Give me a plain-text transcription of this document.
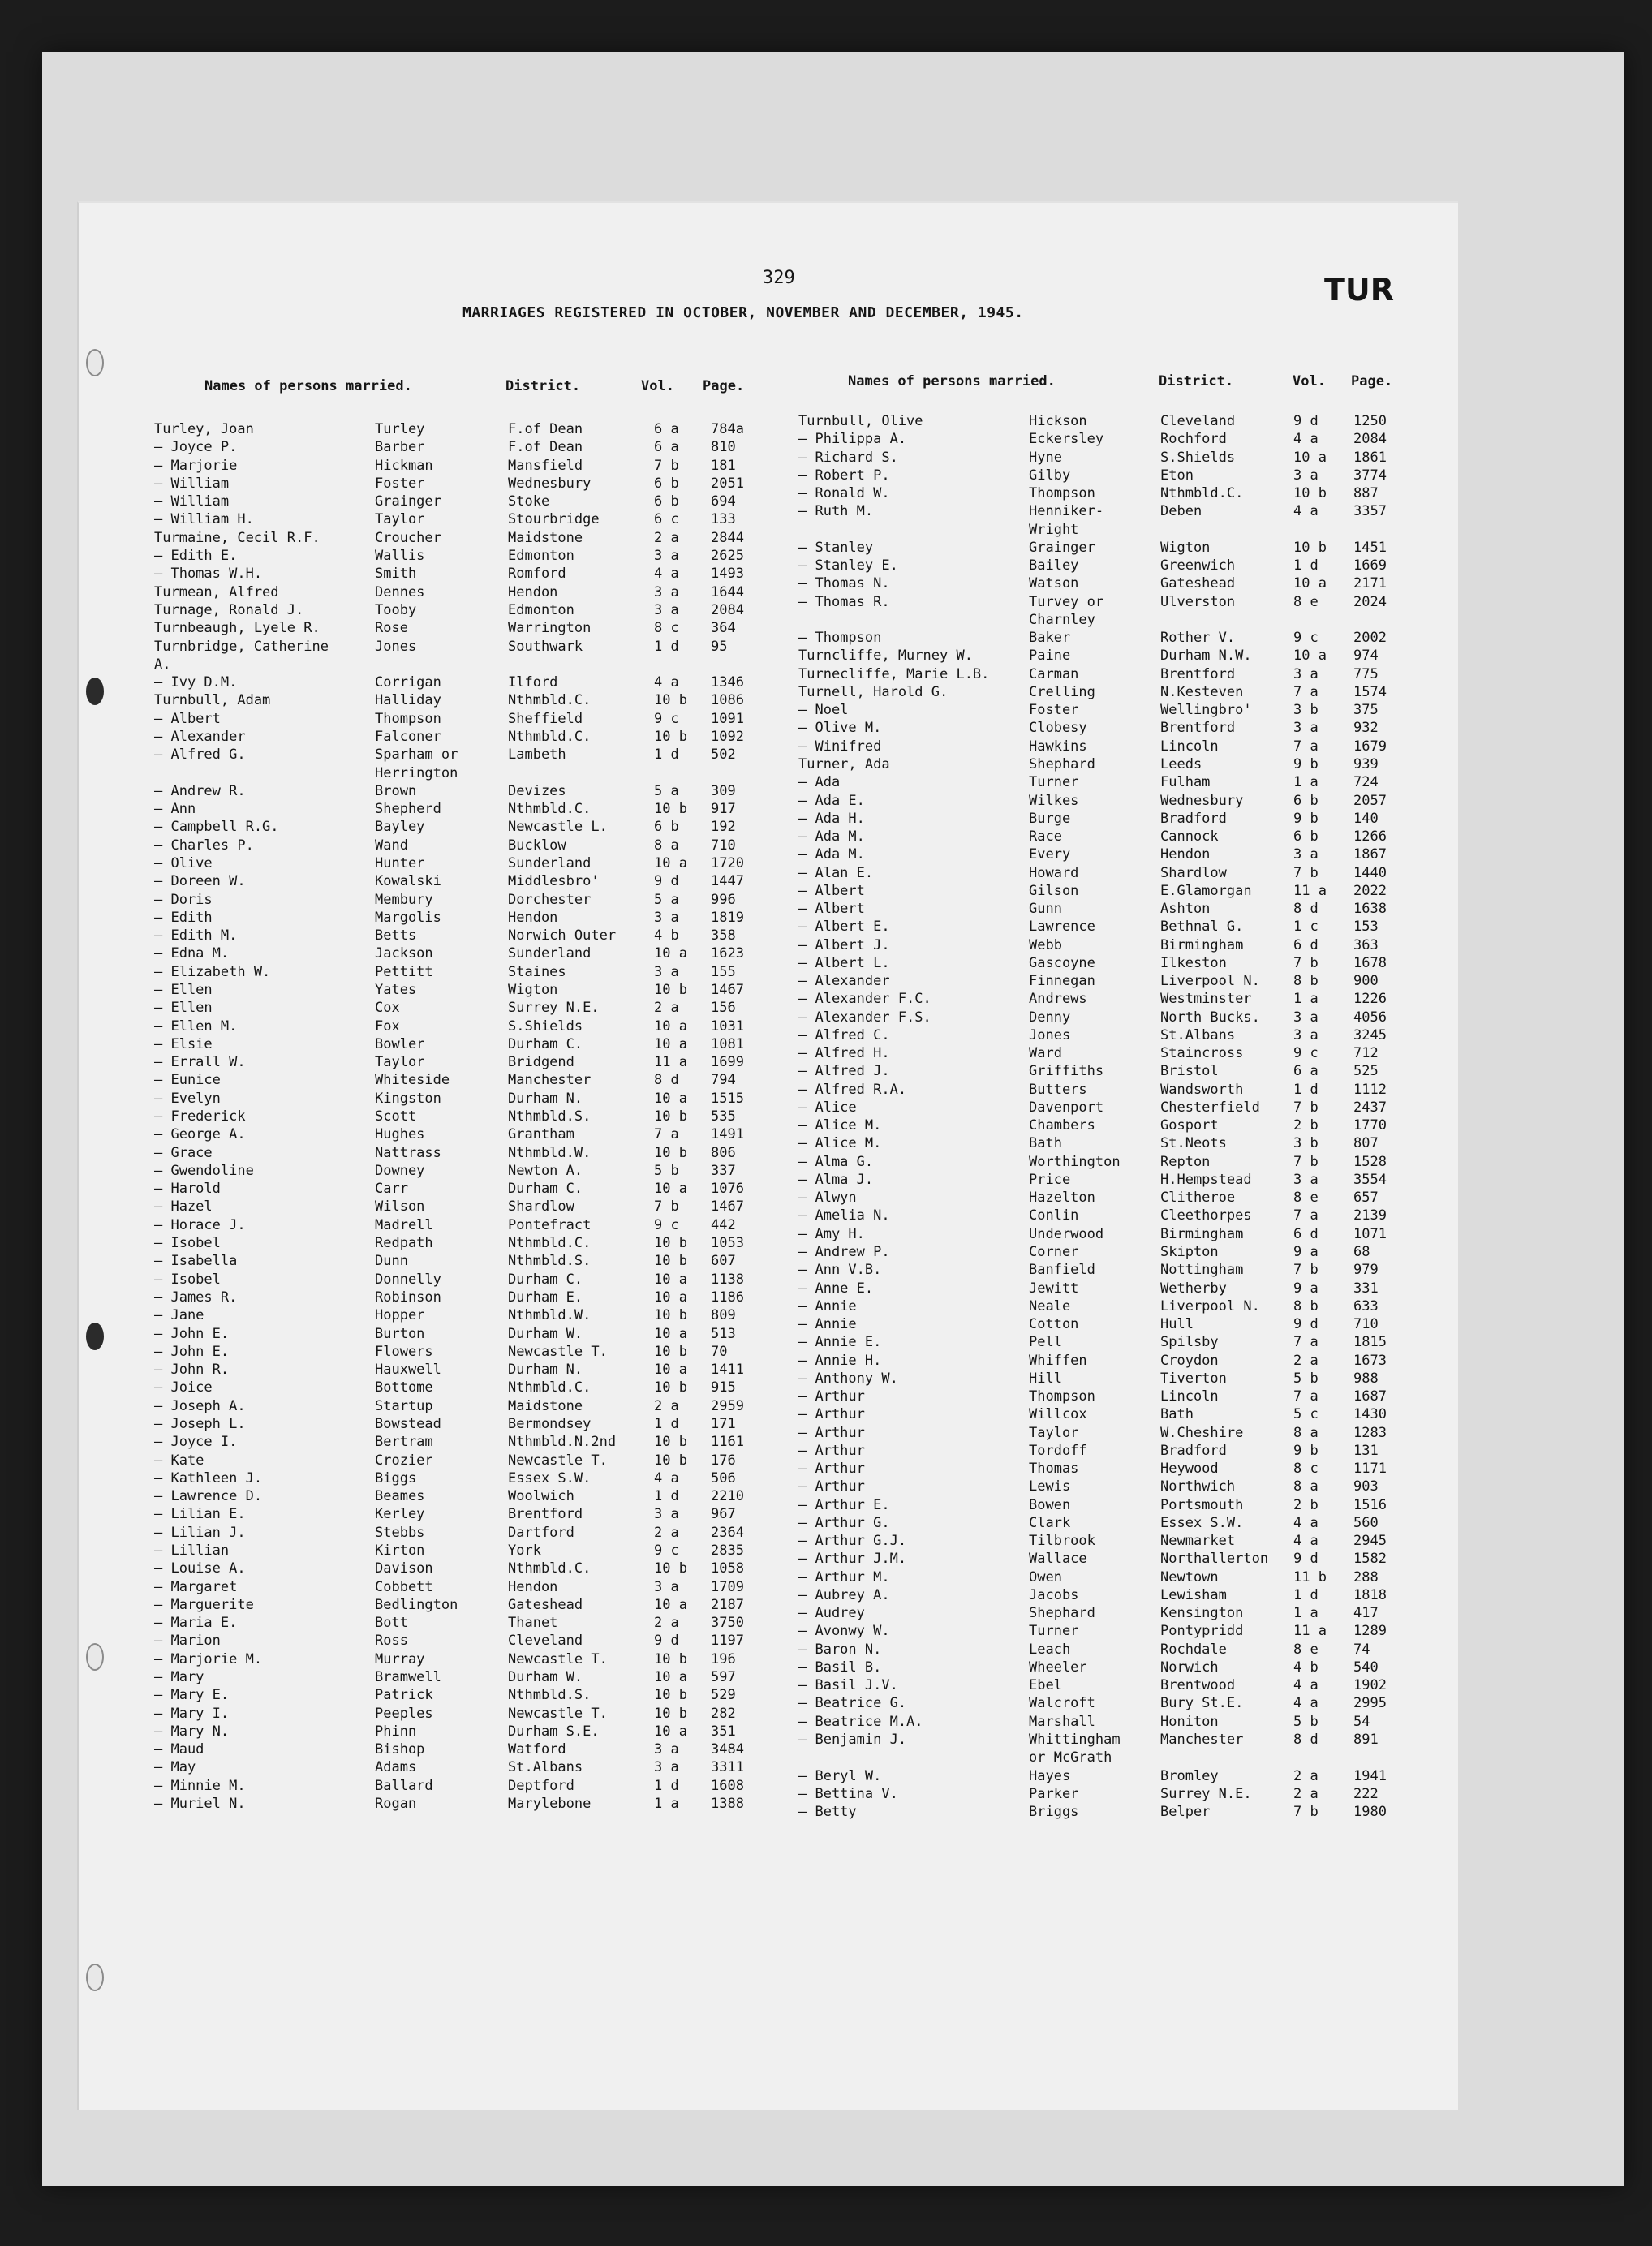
329	TUR
MARRIAGES REGISTERED IN OCTOBER, NOVEMBER AND DECEMBER, 1945.
Names of persons married.	District.	Vol. Page.	Names of persons married.	District.	Vol. Page.
Turley, Joan	Turley	F.of Dean	6 a 784a
— Joyce P.	Barber	F.of Dean	6 a 810
— Marjorie	Hickman	Mansfield	7 b 181
— William	Foster	Wednesbury	6 b 2051
— William	Grainger	Stoke	6 b 694
— William H.	Taylor	Stourbridge	6 c 133
Turmaine, Cecil R.F.	Croucher	Maidstone	2 a 2844
— Edith E.	Wallis	Edmonton	3 a 2625
— Thomas W.H.	Smith	Romford	4 a 1493
Turmean, Alfred	Dennes	Hendon	3 a 1644
Turnage, Ronald J.	Tooby	Edmonton	3 a 2084
Turnbeaugh, Lyele R.	Rose	Warrington	8 c 364
Turnbridge, Catherine	Jones	Southwark	1 d 95
A.
— Ivy D.M.	Corrigan	Ilford	4 a 1346
Turnbull, Adam	Halliday	Nthmbld.C.	10 b 1086
— Albert	Thompson	Sheffield	9 c 1091
— Alexander	Falconer	Nthmbld.C.	10 b 1092
— Alfred G.	Sparham or	Lambeth	1 d 502
Herrington
— Andrew R.	Brown	Devizes	5 a 309
— Ann	Shepherd	Nthmbld.C.	10 b 917
— Campbell R.G.	Bayley	Newcastle L.	6 b 192
— Charles P.	Wand	Bucklow	8 a 710
— Olive	Hunter	Sunderland	10 a 1720
— Doreen W.	Kowalski	Middlesbro'	9 d 1447
— Doris	Membury	Dorchester	5 a 996
— Edith	Margolis	Hendon	3 a 1819
— Edith M.	Betts	Norwich Outer	4 b 358
— Edna M.	Jackson	Sunderland	10 a 1623
— Elizabeth W.	Pettitt	Staines	3 a 155
— Ellen	Yates	Wigton	10 b 1467
— Ellen	Cox	Surrey N.E.	2 a 156
— Ellen M.	Fox	S.Shields	10 a 1031
— Elsie	Bowler	Durham C.	10 a 1081
— Errall W.	Taylor	Bridgend	11 a 1699
— Eunice	Whiteside	Manchester	8 d 794
— Evelyn	Kingston	Durham N.	10 a 1515
— Frederick	Scott	Nthmbld.S.	10 b 535
— George A.	Hughes	Grantham	7 a 1491
— Grace	Nattrass	Nthmbld.W.	10 b 806
— Gwendoline	Downey	Newton A.	5 b 337
— Harold	Carr	Durham C.	10 a 1076
— Hazel	Wilson	Shardlow	7 b 1467
— Horace J.	Madrell	Pontefract	9 c 442
— Isobel	Redpath	Nthmbld.C.	10 b 1053
— Isabella	Dunn	Nthmbld.S.	10 b 607
— Isobel	Donnelly	Durham C.	10 a 1138
— James R.	Robinson	Durham E.	10 a 1186
— Jane	Hopper	Nthmbld.W.	10 b 809
— John E.	Burton	Durham W.	10 a 513
— John E.	Flowers	Newcastle T.	10 b 70
— John R.	Hauxwell	Durham N.	10 a 1411
— Joice	Bottome	Nthmbld.C.	10 b 915
— Joseph A.	Startup	Maidstone	2 a 2959
— Joseph L.	Bowstead	Bermondsey	1 d 171
— Joyce I.	Bertram	Nthmbld.N.2nd	10 b 1161
— Kate	Crozier	Newcastle T.	10 b 176
— Kathleen J.	Biggs	Essex S.W.	4 a 506
— Lawrence D.	Beames	Woolwich	1 d 2210
— Lilian E.	Kerley	Brentford	3 a 967
— Lilian J.	Stebbs	Dartford	2 a 2364
— Lillian	Kirton	York	9 c 2835
— Louise A.	Davison	Nthmbld.C.	10 b 1058
— Margaret	Cobbett	Hendon	3 a 1709
— Marguerite	Bedlington	Gateshead	10 a 2187
— Maria E.	Bott	Thanet	2 a 3750
— Marion	Ross	Cleveland	9 d 1197
— Marjorie M.	Murray	Newcastle T.	10 b 196
— Mary	Bramwell	Durham W.	10 a 597
— Mary E.	Patrick	Nthmbld.S.	10 b 529
— Mary I.	Peeples	Newcastle T.	10 b 282
— Mary N.	Phinn	Durham S.E.	10 a 351
— Maud	Bishop	Watford	3 a 3484
— May	Adams	St.Albans	3 a 3311
— Minnie M.	Ballard	Deptford	1 d 1608
— Muriel N.	Rogan	Marylebone	1 a 1388
Turnbull, Olive	Hickson	Cleveland	9 d	1250
— Philippa A.	Eckersley	Rochford	4 a	2084
— Richard S.	Hyne	S.Shields	10 a 1861
— Robert P.	Gilby	Eton	3 a	3774
— Ronald W.	Thompson	Nthmbld.C.	10 b 887
— Ruth M.	Henniker-	Deben	4 a	3357
Wright
— Stanley	Grainger	Wigton	10 b 1451
— Stanley E.	Bailey	Greenwich	1 d	1669
— Thomas N.	Watson	Gateshead	10 a 2171
— Thomas R.	Turvey or	Ulverston	8 e	2024
Charnley
— Thompson	Baker	Rother V.	9 c	2002
Turncliffe, Murney W.	Paine	Durham N.W.	10 a 974
Turnecliffe, Marie L.B.	Carman	Brentford	3 a	775
Turnell, Harold G.	Crelling	N.Kesteven	7 a	1574
— Noel	Foster	Wellingbro'	3 b	375
— Olive M.	Clobesy	Brentford	3 a	932
— Winifred	Hawkins	Lincoln	7 a	1679
Turner, Ada	Shephard	Leeds	9 b	939
— Ada	Turner	Fulham	1 a	724
— Ada E.	Wilkes	Wednesbury	6 b	2057
— Ada H.	Burge	Bradford	9 b	140
— Ada M.	Race	Cannock	6 b	1266
— Ada M.	Every	Hendon	3 a	1867
— Alan E.	Howard	Shardlow	7 b	1440
— Albert	Gilson	E.Glamorgan	11 a 2022
— Albert	Gunn	Ashton	8 d	1638
— Albert E.	Lawrence	Bethnal G.	1 c	153
— Albert J.	Webb	Birmingham	6 d	363
— Albert L.	Gascoyne	Ilkeston	7 b	1678
— Alexander	Finnegan	Liverpool N. 8 b	900
— Alexander F.C.	Andrews	Westminster	1 a	1226
— Alexander F.S.	Denny	North Bucks. 3 a	4056
— Alfred C.	Jones	St.Albans	3 a	3245
— Alfred H.	Ward	Staincross	9 c	712
— Alfred J.	Griffiths	Bristol	6 a	525
— Alfred R.A.	Butters	Wandsworth	1 d	1112
— Alice	Davenport	Chesterfield 7 b	2437
— Alice M.	Chambers	Gosport	2 b	1770
— Alice M.	Bath	St.Neots	3 b	807
— Alma G.	Worthington	Repton	7 b	1528
— Alma J.	Price	H.Hempstead	3 a	3554
— Alwyn	Hazelton	Clitheroe	8 e	657
— Amelia N.	Conlin	Cleethorpes	7 a	2139
— Amy H.	Underwood	Birmingham	6 d	1071
— Andrew P.	Corner	Skipton	9 a	68
— Ann V.B.	Banfield	Nottingham	7 b	979
— Anne E.	Jewitt	Wetherby	9 a	331
— Annie	Neale	Liverpool N. 8 b	633
— Annie	Cotton	Hull	9 d	710
— Annie E.	Pell	Spilsby	7 a	1815
— Annie H.	Whiffen	Croydon	2 a	1673
— Anthony W.	Hill	Tiverton	5 b	988
— Arthur	Thompson	Lincoln	7 a	1687
— Arthur	Willcox	Bath	5 c	1430
— Arthur	Taylor	W.Cheshire	8 a	1283
— Arthur	Tordoff	Bradford	9 b	131
— Arthur	Thomas	Heywood	8 c	1171
— Arthur	Lewis	Northwich	8 a	903
— Arthur E.	Bowen	Portsmouth	2 b	1516
— Arthur G.	Clark	Essex S.W.	4 a	560
— Arthur G.J.	Tilbrook	Newmarket	4 a	2945
— Arthur J.M.	Wallace	Northallerton 9 d	1582
— Arthur M.	Owen	Newtown	11 b 288
— Aubrey A.	Jacobs	Lewisham	1 d	1818
— Audrey	Shephard	Kensington	1 a	417
— Avonwy W.	Turner	Pontypridd	11 a 1289
— Baron N.	Leach	Rochdale	8 e	74
— Basil B.	Wheeler	Norwich	4 b	540
— Basil J.V.	Ebel	Brentwood	4 a	1902
— Beatrice G.	Walcroft	Bury St.E.	4 a	2995
— Beatrice M.A.	Marshall	Honiton	5 b	54
— Benjamin J.	Whittingham	Manchester	8 d	891
or McGrath
— Beryl W.	Hayes	Bromley	2 a	1941
— Bettina V.	Parker	Surrey N.E.	2 a	222
— Betty	Briggs	Belper	7 b	1980
